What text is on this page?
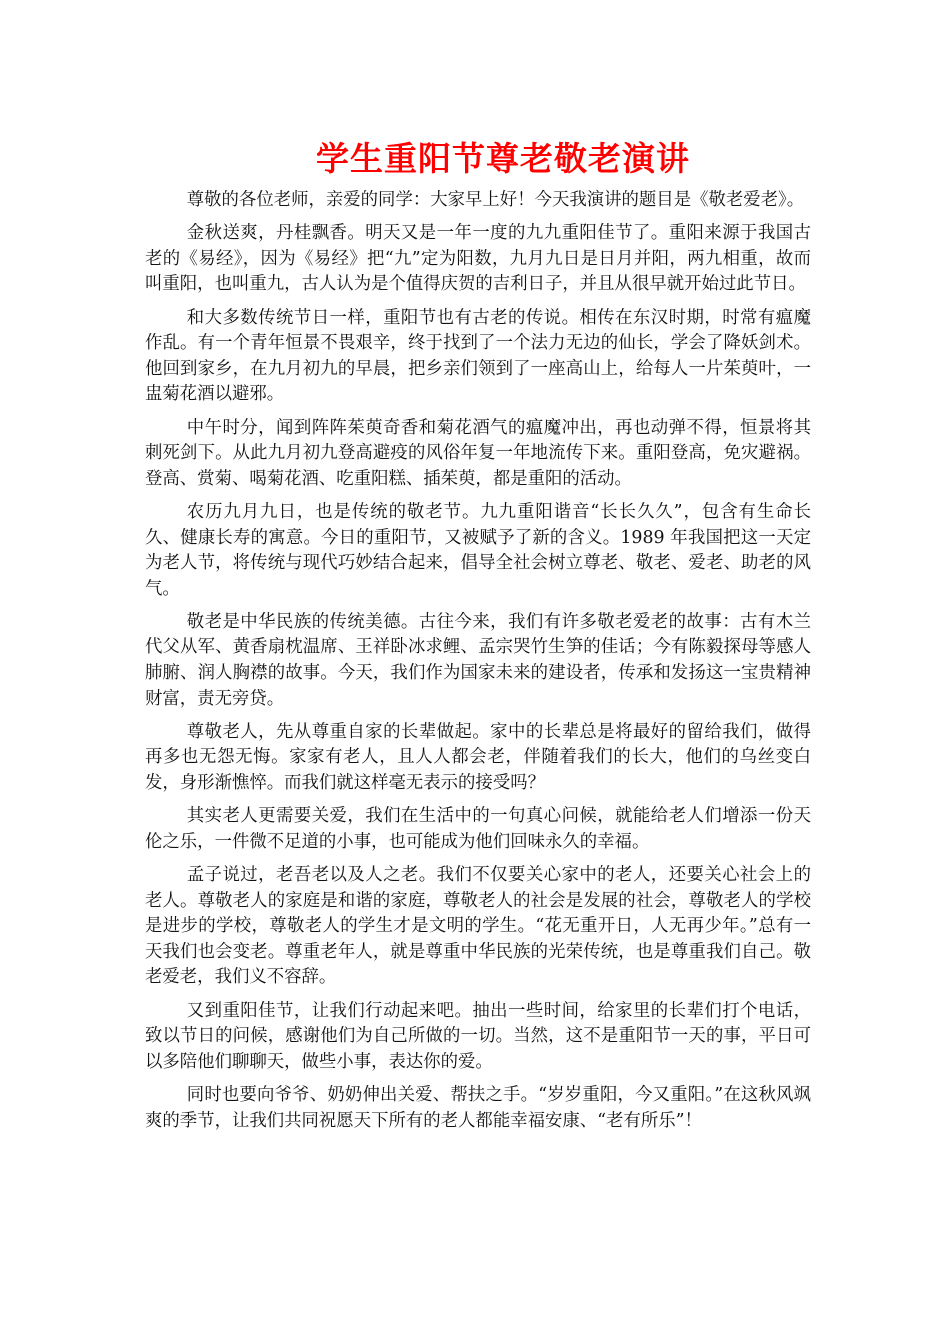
学生重阳节尊老敬老演讲

尊敬的各位老师，亲爱的同学：大家早上好！今天我演讲的题目是《敬老爱老》。

金秋送爽，丹桂飘香。明天又是一年一度的九九重阳佳节了。重阳来源于我国古老的《易经》，因为《易经》把“九”定为阳数，九月九日是日月并阳，两九相重，故而叫重阳，也叫重九，古人认为是个值得庆贺的吉利日子，并且从很早就开始过此节日。

和大多数传统节日一样，重阳节也有古老的传说。相传在东汉时期，时常有瘟魔作乱。有一个青年恒景不畏艰辛，终于找到了一个法力无边的仙长，学会了降妖剑术。他回到家乡，在九月初九的早晨，把乡亲们领到了一座高山上，给每人一片茱萸叶，一盅菊花酒以避邪。

中午时分，闻到阵阵茱萸奇香和菊花酒气的瘟魔冲出，再也动弹不得，恒景将其刺死剑下。从此九月初九登高避疫的风俗年复一年地流传下来。重阳登高，免灾避祸。登高、赏菊、喝菊花酒、吃重阳糕、插茱萸，都是重阳的活动。

农历九月九日，也是传统的敬老节。九九重阳谐音“长长久久”，包含有生命长久、健康长寿的寓意。今日的重阳节，又被赋予了新的含义。1989 年我国把这一天定为老人节，将传统与现代巧妙结合起来，倡导全社会树立尊老、敬老、爱老、助老的风气。

敬老是中华民族的传统美德。古往今来，我们有许多敬老爱老的故事：古有木兰代父从军、黄香扇枕温席、王祥卧冰求鲤、孟宗哭竹生笋的佳话；今有陈毅探母等感人肺腑、润人胸襟的故事。今天，我们作为国家未来的建设者，传承和发扬这一宝贵精神财富，责无旁贷。

尊敬老人，先从尊重自家的长辈做起。家中的长辈总是将最好的留给我们，做得再多也无怨无悔。家家有老人，且人人都会老，伴随着我们的长大，他们的乌丝变白发，身形渐憔悴。而我们就这样毫无表示的接受吗？

其实老人更需要关爱，我们在生活中的一句真心问候，就能给老人们增添一份天伦之乐，一件微不足道的小事，也可能成为他们回味永久的幸福。

孟子说过，老吾老以及人之老。我们不仅要关心家中的老人，还要关心社会上的老人。尊敬老人的家庭是和谐的家庭，尊敬老人的社会是发展的社会，尊敬老人的学校是进步的学校，尊敬老人的学生才是文明的学生。“花无重开日，人无再少年。”总有一天我们也会变老。尊重老年人，就是尊重中华民族的光荣传统，也是尊重我们自己。敬老爱老，我们义不容辞。

又到重阳佳节，让我们行动起来吧。抽出一些时间，给家里的长辈们打个电话，致以节日的问候，感谢他们为自己所做的一切。当然，这不是重阳节一天的事，平日可以多陪他们聊聊天，做些小事，表达你的爱。

同时也要向爷爷、奶奶伸出关爱、帮扶之手。“岁岁重阳，今又重阳。”在这秋风飒爽的季节，让我们共同祝愿天下所有的老人都能幸福安康、“老有所乐”！
